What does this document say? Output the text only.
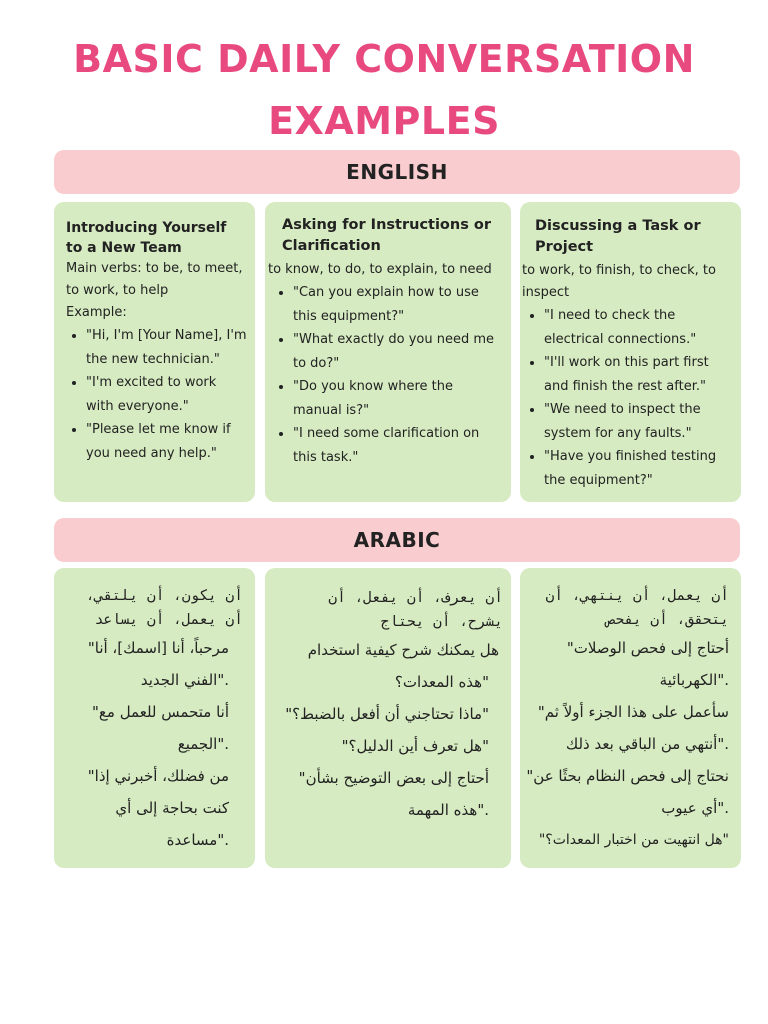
BASIC DAILY CONVERSATION
EXAMPLES
ENGLISH
Introducing Yourself to a New Team
Main verbs: to be, to meet, to work, to help
Example:
• "Hi, I'm [Your Name], I'm the new technician."
• "I'm excited to work with everyone."
• "Please let me know if you need any help."
Asking for Instructions or Clarification
to know, to do, to explain, to need
• "Can you explain how to use this equipment?"
• "What exactly do you need me to do?"
• "Do you know where the manual is?"
• "I need some clarification on this task."
Discussing a Task or Project
to work, to finish, to check, to inspect
• "I need to check the electrical connections."
• "I'll work on this part first and finish the rest after."
• "We need to inspect the system for any faults."
• "Have you finished testing the equipment?"
ARABIC
أن يكون، أن يلتقي،
أن يعمل، أن يساعد
مرحباً، أنا [اسمك]، أنا"
."الفني الجديد
أنا متحمس للعمل مع"
."الجميع
من فضلك، أخبرني إذا"
كنت بحاجة إلى أي
."مساعدة
أن يعرف، أن يفعل، أن
يشرح، أن يحتاج
هل يمكنك شرح كيفية استخدام
"هذه المعدات؟
"ماذا تحتاجني أن أفعل بالضبط؟"
"هل تعرف أين الدليل؟"
أحتاج إلى بعض التوضيح بشأن"
."هذه المهمة
أن يعمل، أن ينتهي، أن
يتحقق، أن يفحص
أحتاج إلى فحص الوصلات"
."الكهربائية
سأعمل على هذا الجزء أولاً ثم"
."أنتهي من الباقي بعد ذلك
نحتاج إلى فحص النظام بحثًا عن"
."أي عيوب
"هل انتهيت من اختبار المعدات؟"
